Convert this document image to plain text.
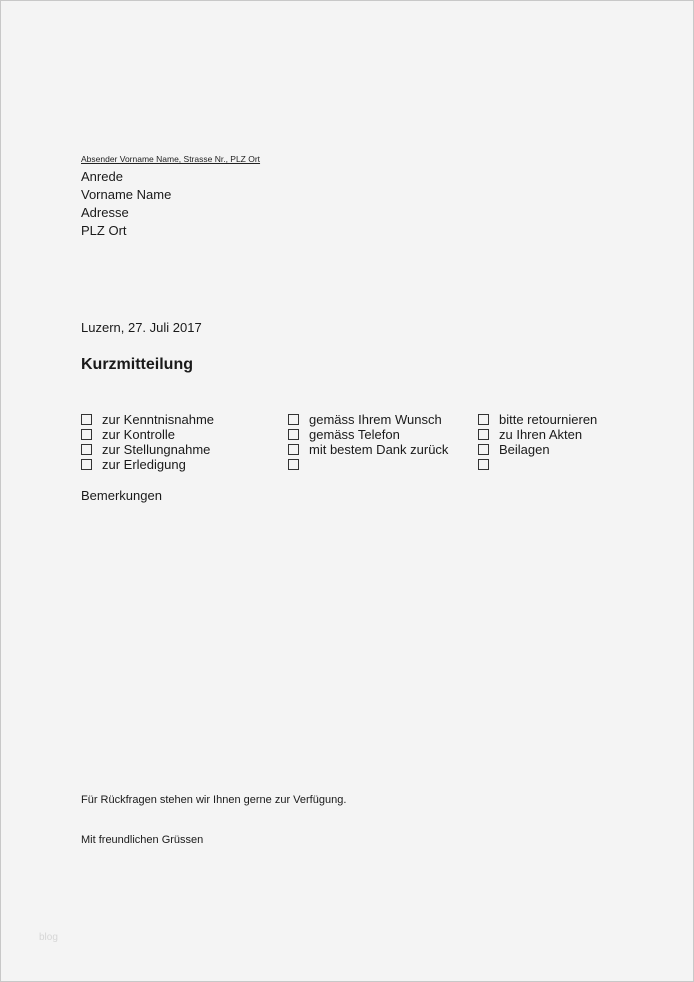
Absender Vorname Name, Strasse Nr., PLZ Ort
Anrede
Vorname Name
Adresse
PLZ Ort
Luzern, 27. Juli 2017
Kurzmitteilung
zur Kenntnisnahme
zur Kontrolle
zur Stellungnahme
zur Erledigung
gemäss Ihrem Wunsch
gemäss Telefon
mit bestem Dank zurück
bitte retournieren
zu Ihren Akten
Beilagen
Bemerkungen
Für Rückfragen stehen wir Ihnen gerne zur Verfügung.
Mit freundlichen Grüssen
blog
